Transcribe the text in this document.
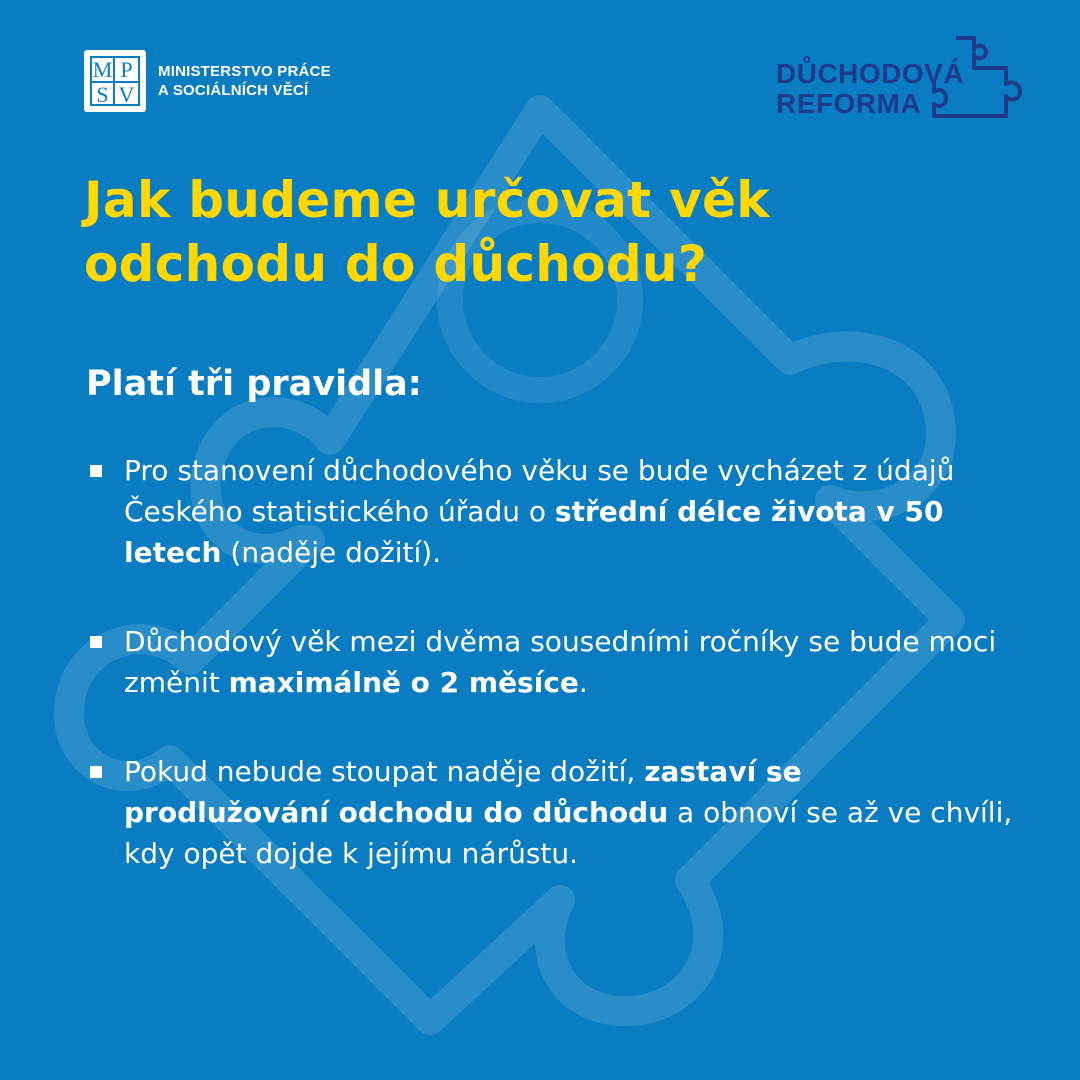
M P
S V
MINISTERSTVO PRÁCE
A SOCIÁLNÍCH VĚCÍ
DŮCHODOVÁ
REFORMA
Jak budeme určovat věk
odchodu do důchodu?
Platí tři pravidla:
Pro stanovení důchodového věku se bude vycházet z údajů Českého statistického úřadu o střední délce života v 50 letech (naděje dožití).
Důchodový věk mezi dvěma sousedními ročníky se bude moci změnit maximálně o 2 měsíce.
Pokud nebude stoupat naděje dožití, zastaví se prodlužování odchodu do důchodu a obnoví se až ve chvíli, kdy opět dojde k jejímu nárůstu.
